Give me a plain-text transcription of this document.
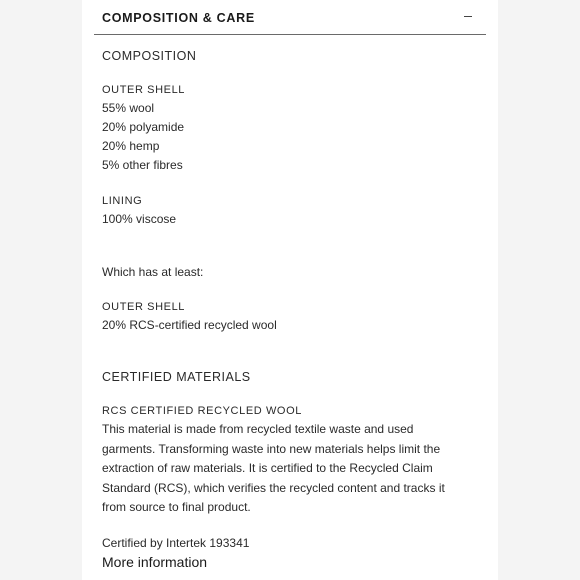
COMPOSITION & CARE
COMPOSITION
OUTER SHELL
55% wool
20% polyamide
20% hemp
5% other fibres
LINING
100% viscose
Which has at least:
OUTER SHELL
20% RCS-certified recycled wool
CERTIFIED MATERIALS
RCS CERTIFIED RECYCLED WOOL
This material is made from recycled textile waste and used
garments. Transforming waste into new materials helps limit the
extraction of raw materials. It is certified to the Recycled Claim
Standard (RCS), which verifies the recycled content and tracks it
from source to final product.
Certified by Intertek 193341
More information
